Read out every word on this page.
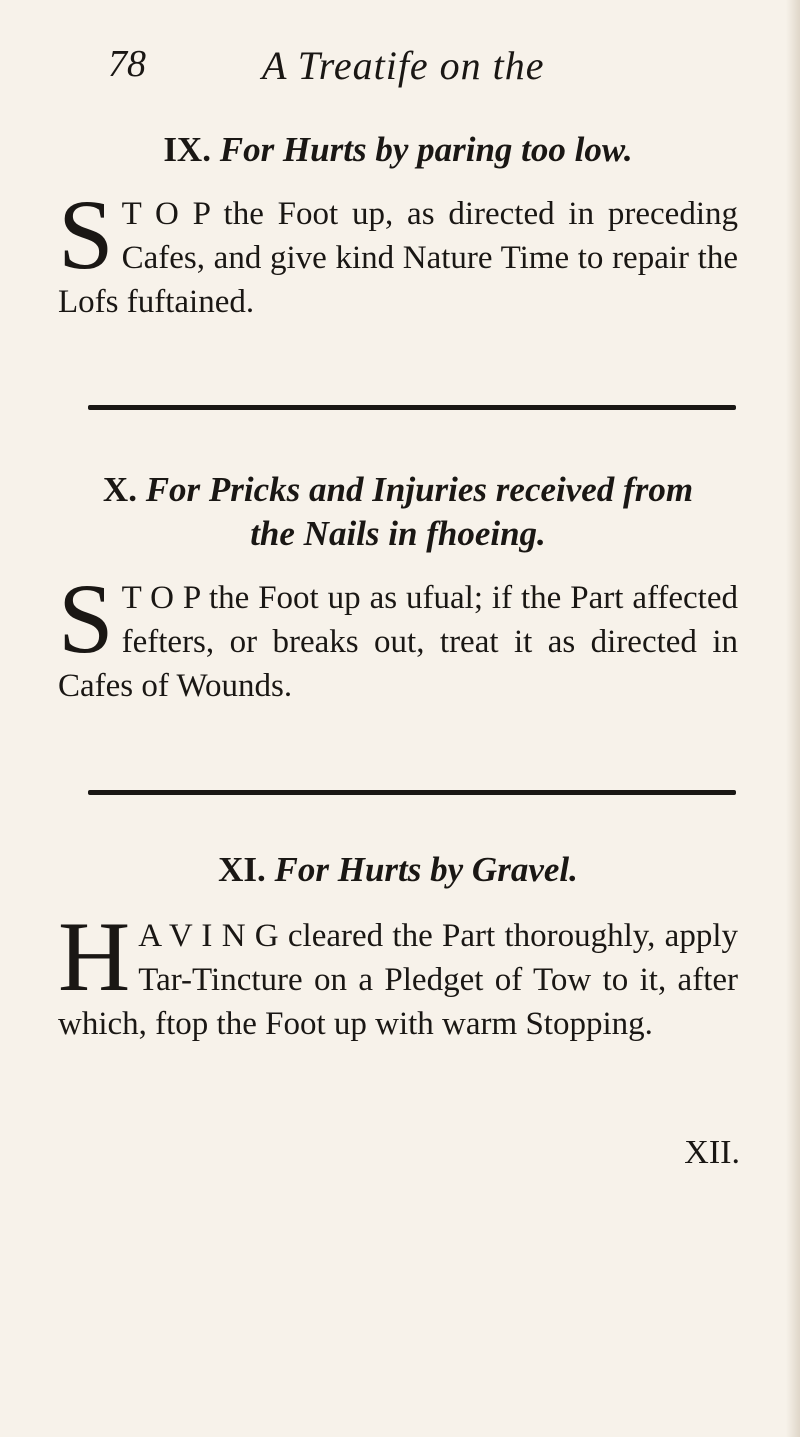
78	A Treatife on the
IX. For Hurts by paring too low.

S T O P the Foot up, as directed in preceding Cafes, and give kind Nature Time to repair the Lofs fuftained.

X. For Pricks and Injuries received from
the Nails in fhoeing.

S T O P the Foot up as ufual; if the Part affected fefters, or breaks out, treat it as directed in Cafes of Wounds.

XI. For Hurts by Gravel.

H A V I N G cleared the Part thoroughly, apply Tar-Tincture on a Pledget of Tow to it, after which, ftop the Foot up with warm Stopping.

XII.
